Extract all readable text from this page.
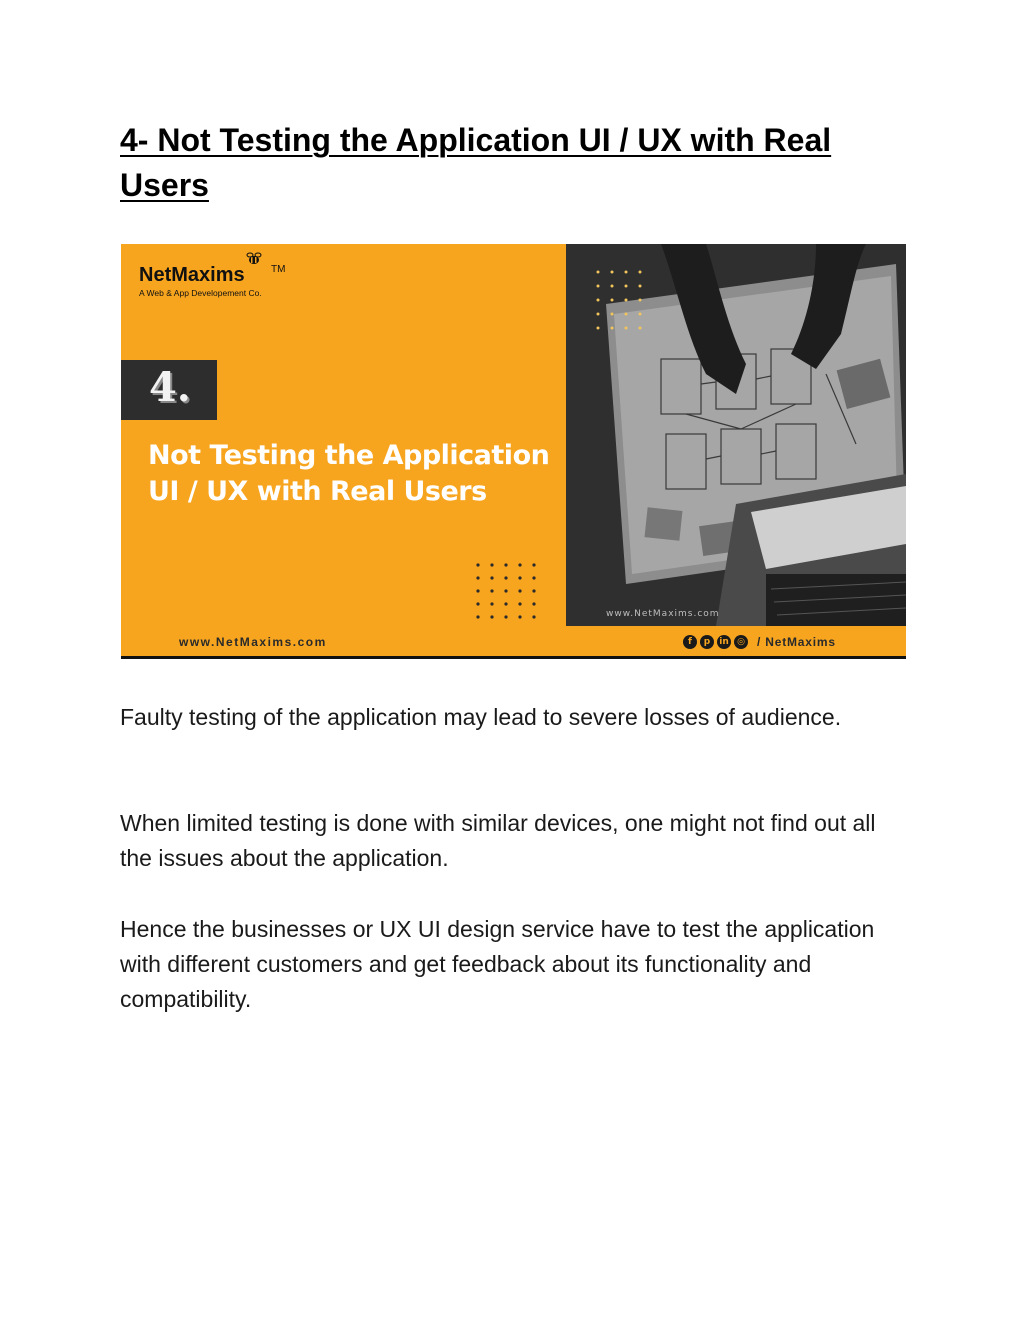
4- Not Testing the Application UI / UX with Real Users
NetMaxims	TM
A Web & App Developement Co.
4.
Not Testing the Application
UI / UX with Real Users
www.NetMaxims.com
www.NetMaxims.com	f	p	in ◎ / NetMaxims

Faulty testing of the application may lead to severe losses of audience.

When limited testing is done with similar devices, one might not find out all the issues about the application.

Hence the businesses or UX UI design service have to test the application with different customers and get feedback about its functionality and compatibility.
